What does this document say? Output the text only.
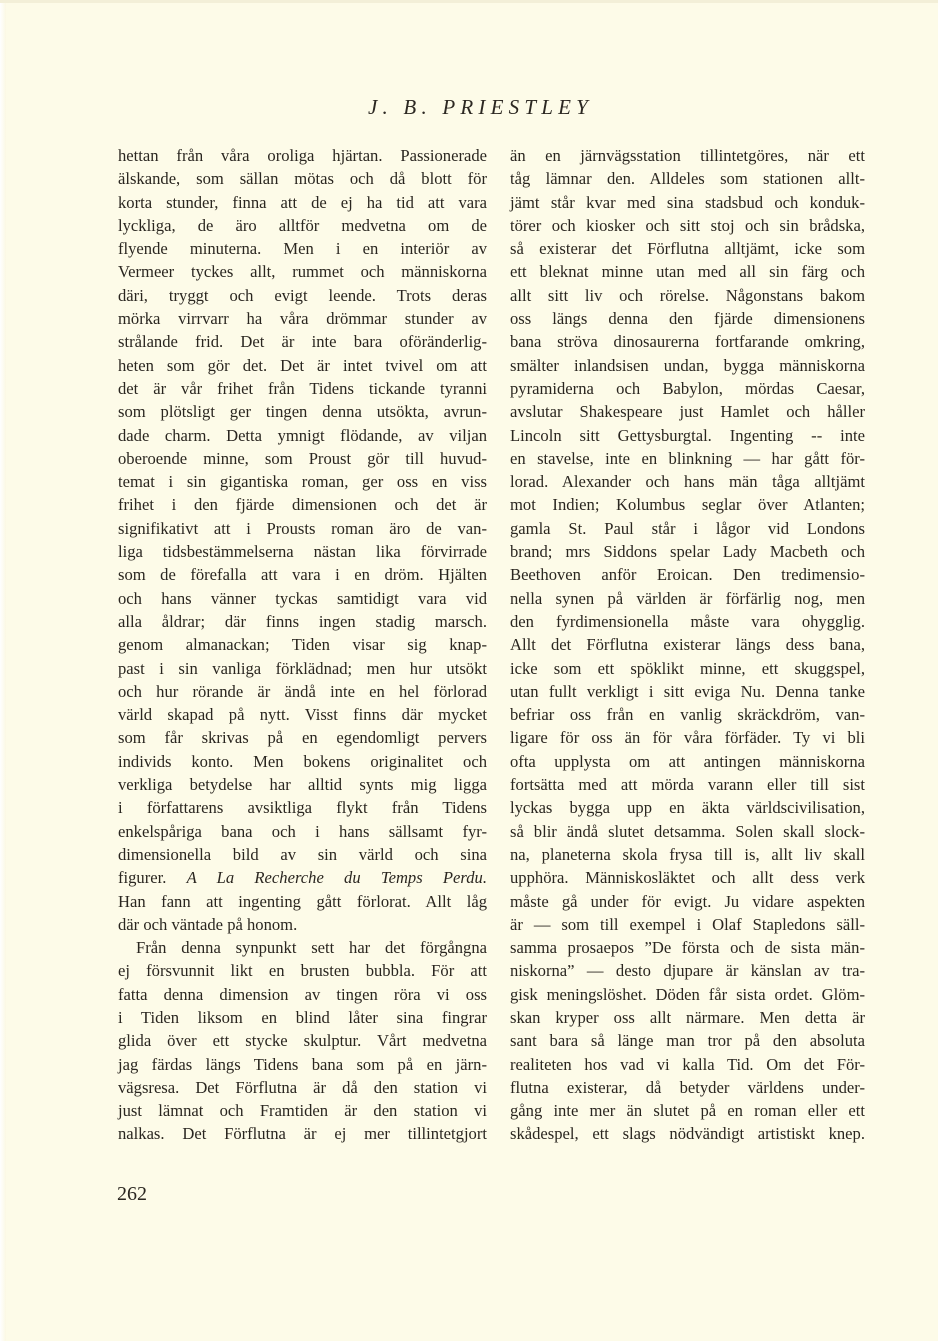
J. B. PRIESTLEY
hettan från våra oroliga hjärtan. Passionerade
älskande, som sällan mötas och då blott för
korta stunder, finna att de ej ha tid att vara
lyckliga, de äro alltför medvetna om de
flyende minuterna. Men i en interiör av
Vermeer tyckes allt, rummet och människorna
däri, tryggt och evigt leende. Trots deras
mörka virrvarr ha våra drömmar stunder av
strålande frid. Det är inte bara oföränderlig-
heten som gör det. Det är intet tvivel om att
det är vår frihet från Tidens tickande tyranni
som plötsligt ger tingen denna utsökta, avrun-
dade charm. Detta ymnigt flödande, av viljan
oberoende minne, som Proust gör till huvud-
temat i sin gigantiska roman, ger oss en viss
frihet i den fjärde dimensionen och det är
signifikativt att i Prousts roman äro de van-
liga tidsbestämmelserna nästan lika förvirrade
som de förefalla att vara i en dröm. Hjälten
och hans vänner tyckas samtidigt vara vid
alla åldrar; där finns ingen stadig marsch.
genom almanackan; Tiden visar sig knap-
past i sin vanliga förklädnad; men hur utsökt
och hur rörande är ändå inte en hel förlorad
värld skapad på nytt. Visst finns där mycket
som får skrivas på en egendomligt pervers
individs konto. Men bokens originalitet och
verkliga betydelse har alltid synts mig ligga
i författarens avsiktliga flykt från Tidens
enkelspåriga bana och i hans sällsamt fyr-
dimensionella bild av sin värld och sina
figurer. A La Recherche du Temps Perdu.
Han fann att ingenting gått förlorat. Allt låg
där och väntade på honom.
Från denna synpunkt sett har det förgångna
ej försvunnit likt en brusten bubbla. För att
fatta denna dimension av tingen röra vi oss
i Tiden liksom en blind låter sina fingrar
glida över ett stycke skulptur. Vårt medvetna
jag färdas längs Tidens bana som på en järn-
vägsresa. Det Förflutna är då den station vi
just lämnat och Framtiden är den station vi
nalkas. Det Förflutna är ej mer tillintetgjort
än en järnvägsstation tillintetgöres, när ett
tåg lämnar den. Alldeles som stationen allt-
jämt står kvar med sina stadsbud och konduk-
törer och kiosker och sitt stoj och sin brådska,
så existerar det Förflutna alltjämt, icke som
ett bleknat minne utan med all sin färg och
allt sitt liv och rörelse. Någonstans bakom
oss längs denna den fjärde dimensionens
bana ströva dinosaurerna fortfarande omkring,
smälter inlandsisen undan, bygga människorna
pyramiderna och Babylon, mördas Caesar,
avslutar Shakespeare just Hamlet och håller
Lincoln sitt Gettysburgtal. Ingenting -- inte
en stavelse, inte en blinkning — har gått för-
lorad. Alexander och hans män tåga alltjämt
mot Indien; Kolumbus seglar över Atlanten;
gamla St. Paul står i lågor vid Londons
brand; mrs Siddons spelar Lady Macbeth och
Beethoven anför Eroican. Den tredimensio-
nella synen på världen är förfärlig nog, men
den fyrdimensionella måste vara ohygglig.
Allt det Förflutna existerar längs dess bana,
icke som ett spöklikt minne, ett skuggspel,
utan fullt verkligt i sitt eviga Nu. Denna tanke
befriar oss från en vanlig skräckdröm, van-
ligare för oss än för våra förfäder. Ty vi bli
ofta upplysta om att antingen människorna
fortsätta med att mörda varann eller till sist
lyckas bygga upp en äkta världscivilisation,
så blir ändå slutet detsamma. Solen skall slock-
na, planeterna skola frysa till is, allt liv skall
upphöra. Människosläktet och allt dess verk
måste gå under för evigt. Ju vidare aspekten
är — som till exempel i Olaf Stapledons säll-
samma prosaepos ”De första och de sista män-
niskorna” — desto djupare är känslan av tra-
gisk meningslöshet. Döden får sista ordet. Glöm-
skan kryper oss allt närmare. Men detta är
sant bara så länge man tror på den absoluta
realiteten hos vad vi kalla Tid. Om det För-
flutna existerar, då betyder världens under-
gång inte mer än slutet på en roman eller ett
skådespel, ett slags nödvändigt artistiskt knep.
262
